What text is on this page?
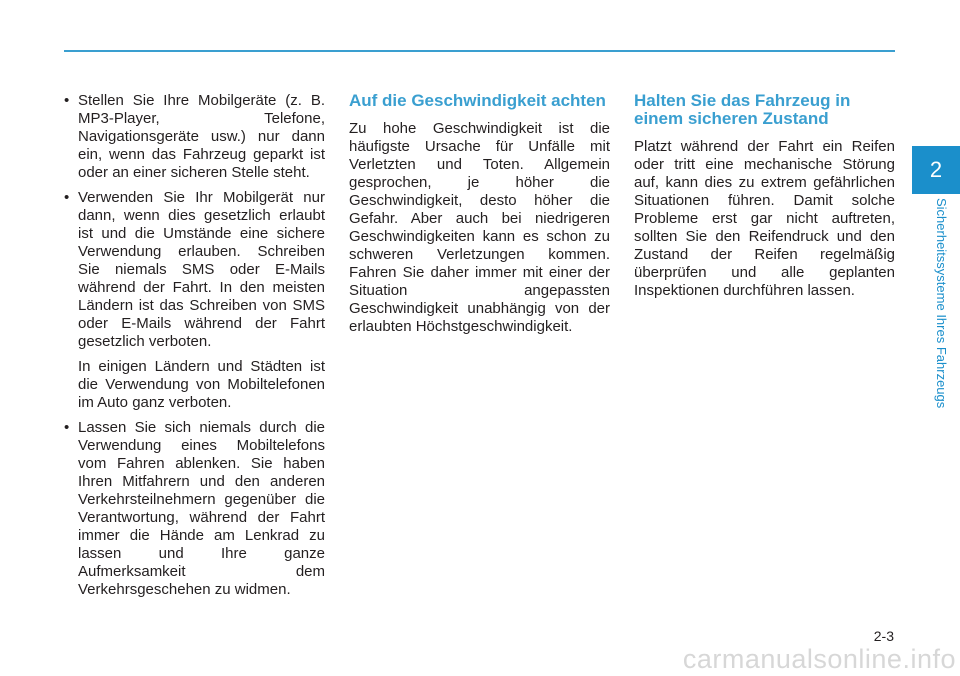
2
Sicherheitssysteme Ihres Fahrzeugs
• Stellen Sie Ihre Mobilgeräte (z. B. MP3-Player, Telefone, Navigationsgeräte usw.) nur dann ein, wenn das Fahrzeug geparkt ist oder an einer sicheren Stelle steht.

• Verwenden Sie Ihr Mobilgerät nur dann, wenn dies gesetzlich erlaubt ist und die Umstände eine sichere Verwendung erlauben. Schreiben Sie niemals SMS oder E-Mails während der Fahrt. In den meisten Ländern ist das Schreiben von SMS oder E-Mails während der Fahrt gesetzlich verboten.

In einigen Ländern und Städten ist die Verwendung von Mobiltelefonen im Auto ganz verboten.

• Lassen Sie sich niemals durch die Verwendung eines Mobiltelefons vom Fahren ablenken. Sie haben Ihren Mitfahrern und den anderen Verkehrsteilnehmern gegenüber die Verantwortung, während der Fahrt immer die Hände am Lenkrad zu lassen und Ihre ganze Aufmerksamkeit dem Verkehrsgeschehen zu widmen.

Auf die Geschwindigkeit achten

Zu hohe Geschwindigkeit ist die häufigste Ursache für Unfälle mit Verletzten und Toten. Allgemein gesprochen, je höher die Geschwindigkeit, desto höher die Gefahr. Aber auch bei niedrigeren Geschwindigkeiten kann es schon zu schweren Verletzungen kommen. Fahren Sie daher immer mit einer der Situation angepassten Geschwindigkeit unabhängig von der erlaubten Höchstgeschwindigkeit.

Halten Sie das Fahrzeug in einem sicheren Zustand

Platzt während der Fahrt ein Reifen oder tritt eine mechanische Störung auf, kann dies zu extrem gefährlichen Situationen führen. Damit solche Probleme erst gar nicht auftreten, sollten Sie den Reifendruck und den Zustand der Reifen regelmäßig überprüfen und alle geplanten Inspektionen durchführen lassen.

2-3
carmanualsonline.info
